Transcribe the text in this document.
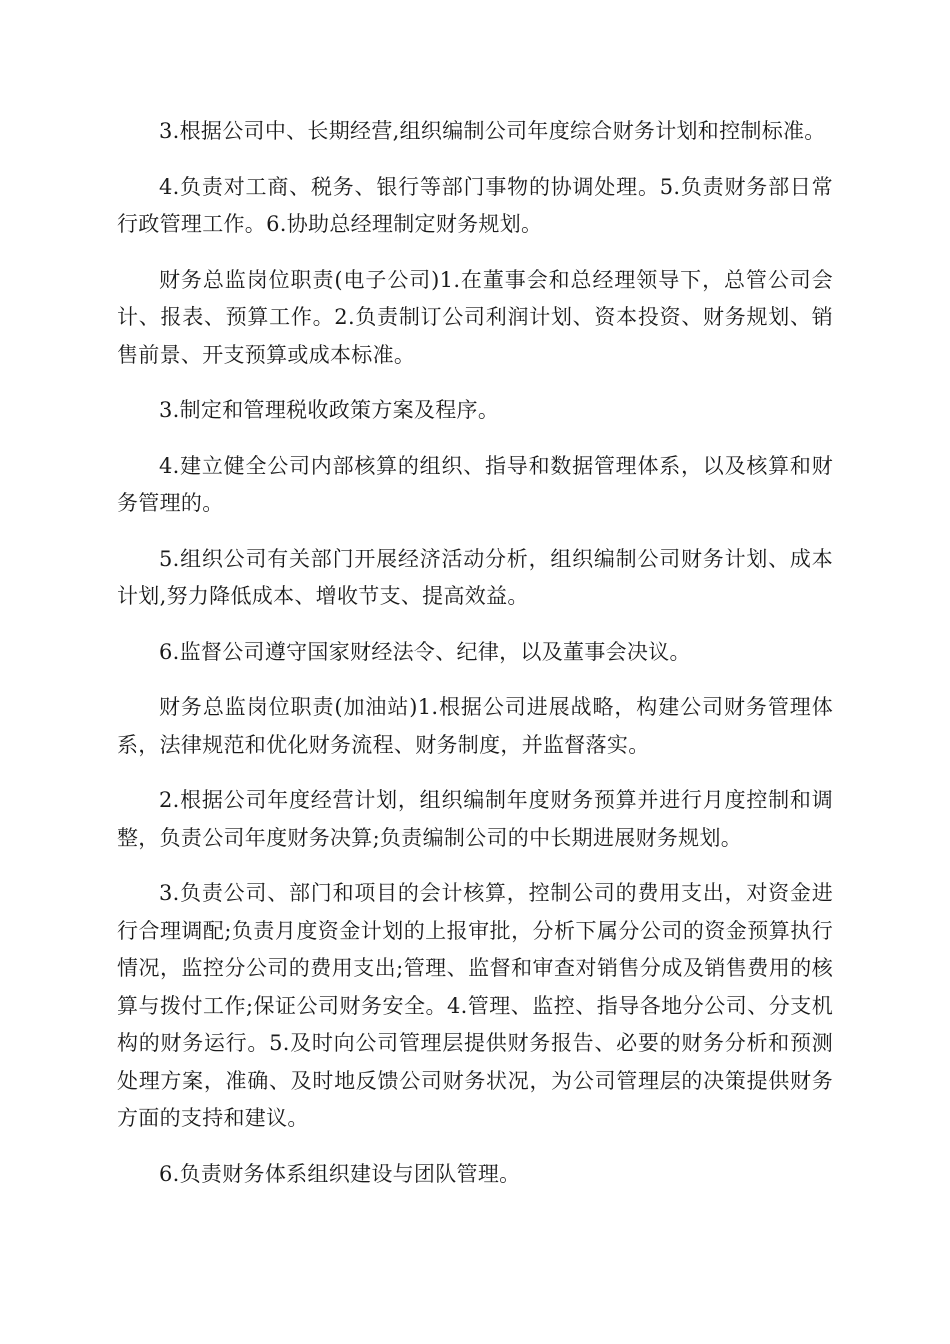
3.根据公司中、长期经营,组织编制公司年度综合财务计划和控制标准。

4.负责对工商、税务、银行等部门事物的协调处理。5.负责财务部日常行政管理工作。6.协助总经理制定财务规划。

财务总监岗位职责(电子公司)1.在董事会和总经理领导下，总管公司会计、报表、预算工作。2.负责制订公司利润计划、资本投资、财务规划、销售前景、开支预算或成本标准。

3.制定和管理税收政策方案及程序。

4.建立健全公司内部核算的组织、指导和数据管理体系，以及核算和财务管理的。

5.组织公司有关部门开展经济活动分析，组织编制公司财务计划、成本计划,努力降低成本、增收节支、提高效益。

6.监督公司遵守国家财经法令、纪律，以及董事会决议。

财务总监岗位职责(加油站)1.根据公司进展战略，构建公司财务管理体系，法律规范和优化财务流程、财务制度，并监督落实。

2.根据公司年度经营计划，组织编制年度财务预算并进行月度控制和调整，负责公司年度财务决算;负责编制公司的中长期进展财务规划。

3.负责公司、部门和项目的会计核算，控制公司的费用支出，对资金进行合理调配;负责月度资金计划的上报审批，分析下属分公司的资金预算执行情况，监控分公司的费用支出;管理、监督和审查对销售分成及销售费用的核算与拨付工作;保证公司财务安全。4.管理、监控、指导各地分公司、分支机构的财务运行。5.及时向公司管理层提供财务报告、必要的财务分析和预测处理方案，准确、及时地反馈公司财务状况，为公司管理层的决策提供财务方面的支持和建议。

6.负责财务体系组织建设与团队管理。
